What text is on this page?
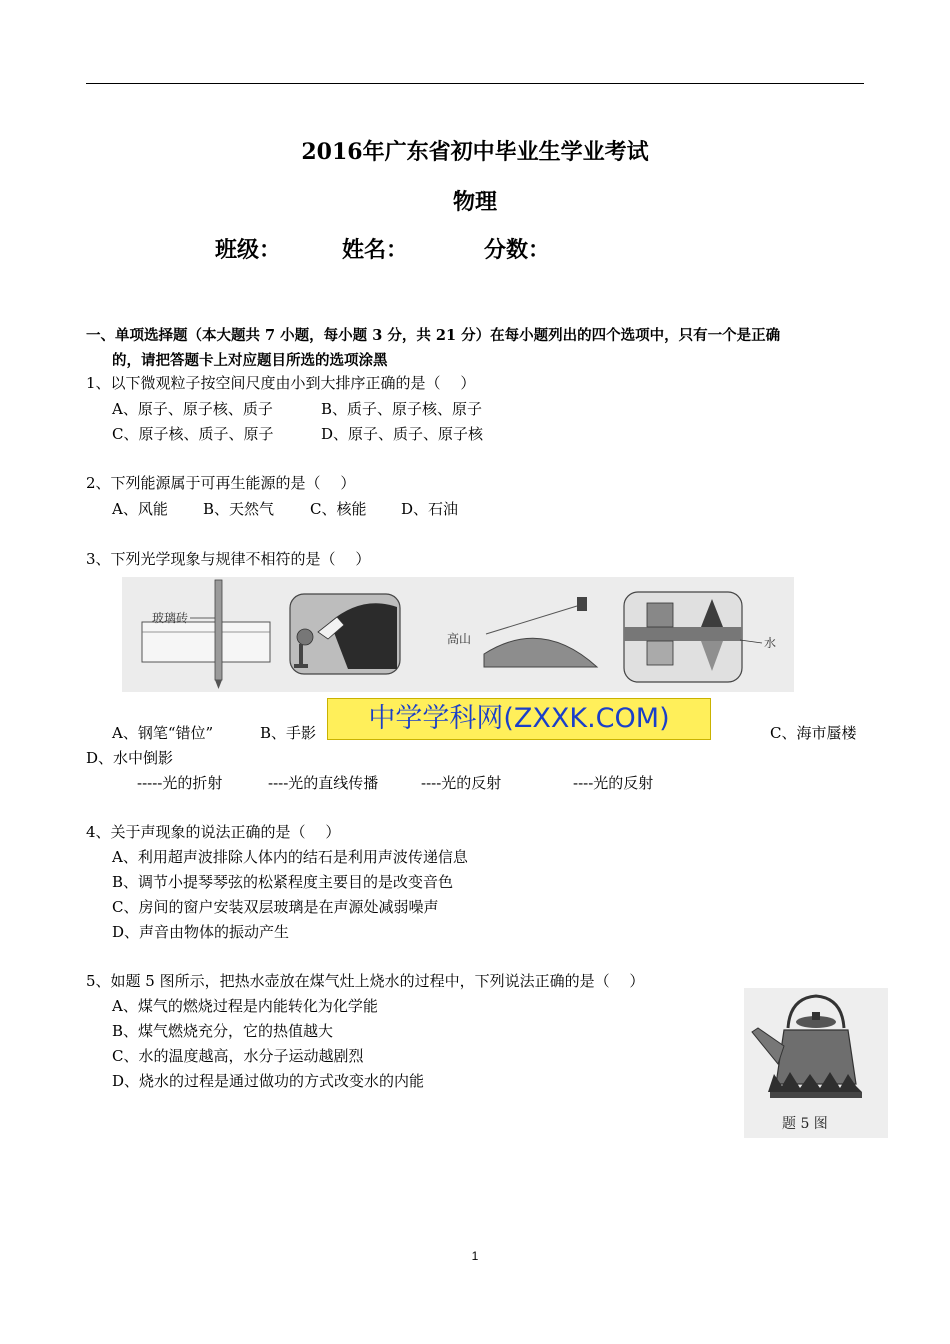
2016年广东省初中毕业生学业考试
物理
班级：	姓名：	分数：
一、单项选择题（本大题共 7 小题，每小题 3 分，共 21 分）在每小题列出的四个选项中，只有一个是正确
的，请把答题卡上对应题目所选的选项涂黑
1、以下微观粒子按空间尺度由小到大排序正确的是（　 ）
A、原子、原子核、质子	B、质子、原子核、原子
C、原子核、质子、原子	D、原子、质子、原子核
2、下列能源属于可再生能源的是（　 ）
A、风能 B、天然气 C、核能 D、石油
3、下列光学现象与规律不相符的是（　 ）
玻璃砖
高山	水
中学学科网(ZXXK.COM)
A、钢笔“错位”	B、手影	C、海市蜃楼
D、水中倒影
-----光的折射	----光的直线传播	----光的反射	----光的反射
4、关于声现象的说法正确的是（　 ）
A、利用超声波排除人体内的结石是利用声波传递信息
B、调节小提琴琴弦的松紧程度主要目的是改变音色
C、房间的窗户安装双层玻璃是在声源处减弱噪声
D、声音由物体的振动产生
5、如题 5 图所示，把热水壶放在煤气灶上烧水的过程中，下列说法正确的是（　 ）
A、煤气的燃烧过程是内能转化为化学能
B、煤气燃烧充分，它的热值越大
C、水的温度越高，水分子运动越剧烈
D、烧水的过程是通过做功的方式改变水的内能
题 5 图
1
